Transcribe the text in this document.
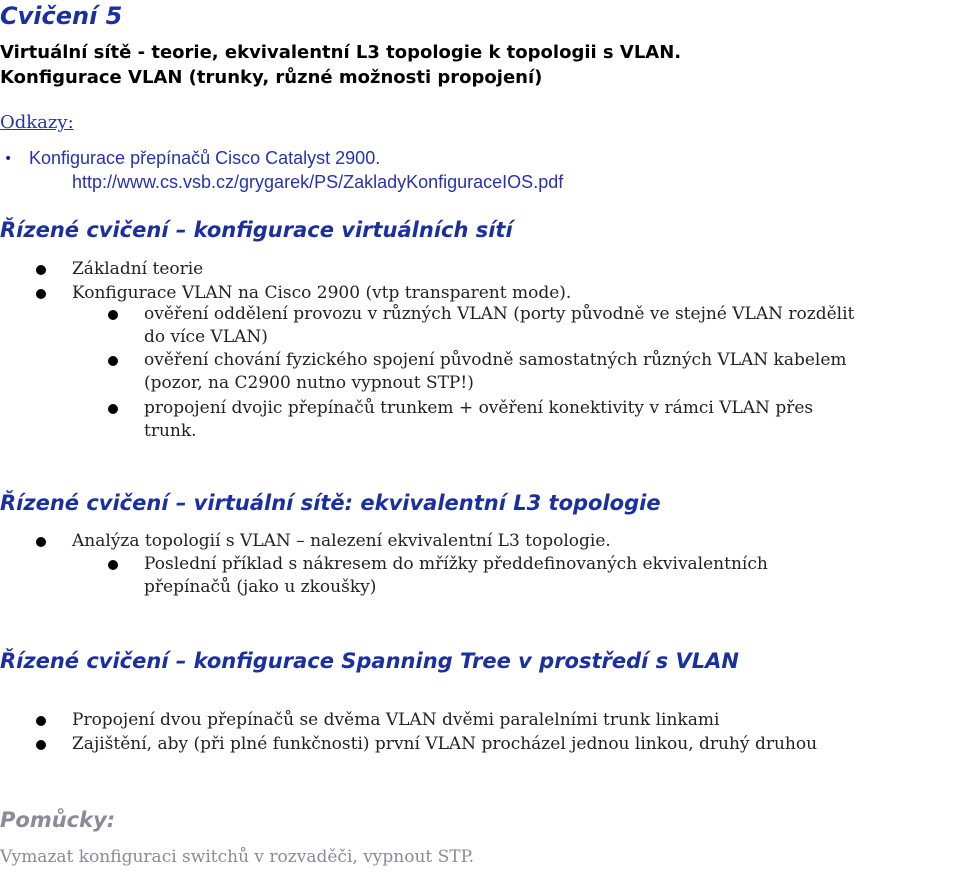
Cvičení 5
Virtuální sítě - teorie, ekvivalentní L3 topologie k topologii s VLAN.
Konfigurace VLAN (trunky, různé možnosti propojení)
Odkazy:
• Konfigurace přepínačů Cisco Catalyst 2900.
http://www.cs.vsb.cz/grygarek/PS/ZakladyKonfiguraceIOS.pdf
Řízené cvičení – konfigurace virtuálních sítí
Základní teorie
Konfigurace VLAN na Cisco 2900 (vtp transparent mode).
ověření oddělení provozu v různých VLAN (porty původně ve stejné VLAN rozdělit
do více VLAN)
ověření chování fyzického spojení původně samostatných různých VLAN kabelem
(pozor, na C2900 nutno vypnout STP!)
propojení dvojic přepínačů trunkem + ověření konektivity v rámci VLAN přes
trunk.
Řízené cvičení – virtuální sítě: ekvivalentní L3 topologie
Analýza topologií s VLAN – nalezení ekvivalentní L3 topologie.
Poslední příklad s nákresem do mřížky předdefinovaných ekvivalentních
přepínačů (jako u zkoušky)
Řízené cvičení – konfigurace Spanning Tree v prostředí s VLAN
Propojení dvou přepínačů se dvěma VLAN dvěmi paralelními trunk linkami
Zajištění, aby (při plné funkčnosti) první VLAN procházel jednou linkou, druhý druhou
Pomůcky:
Vymazat konfiguraci switchů v rozvaděči, vypnout STP.
